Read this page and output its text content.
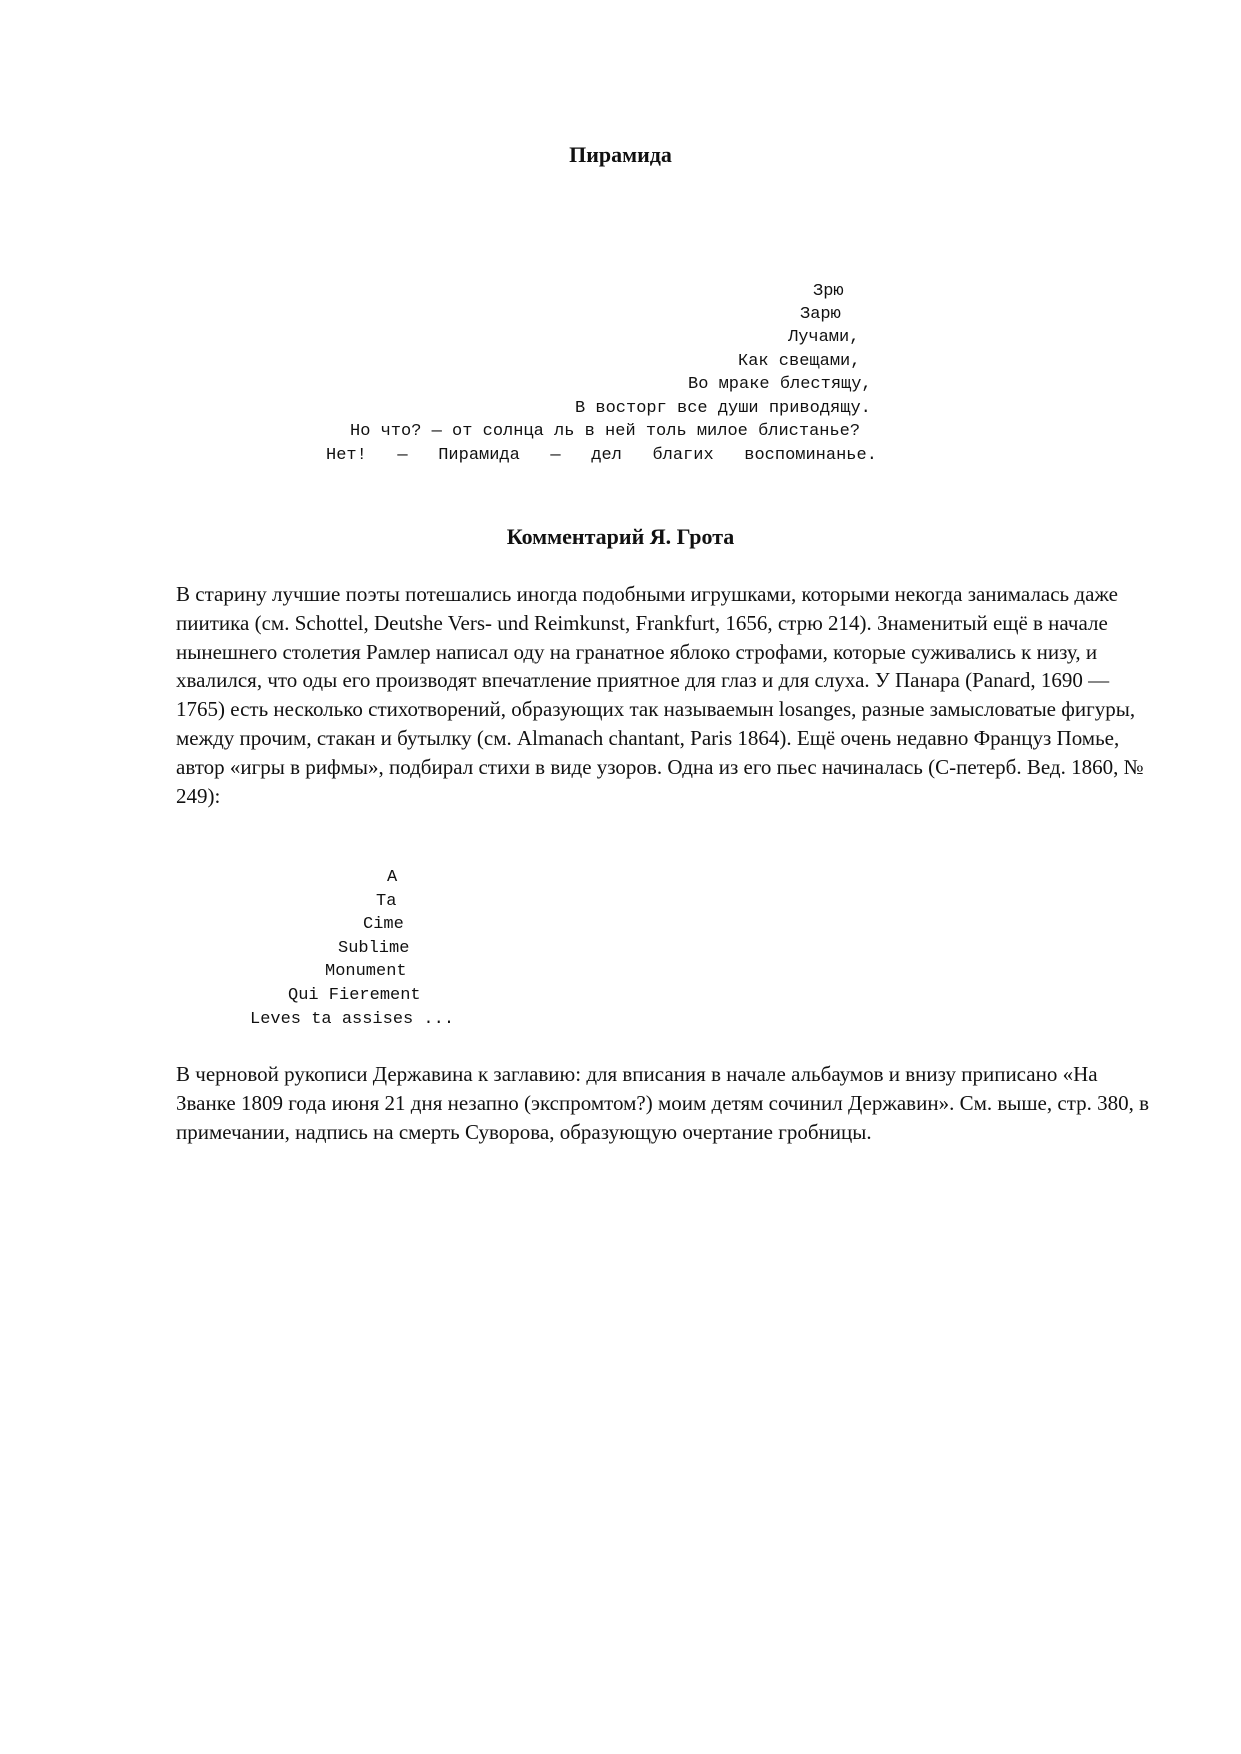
Пирамида
Зрю
Зарю
Лучами,
Как свещами,
Во мраке блестящу,
В восторг все души приводящу.
Но что? — от солнца ль в ней толь милое блистанье?
Нет!   —   Пирамида   —   дел   благих   воспоминанье.
Комментарий Я. Грота

В старину лучшие поэты потешались иногда подобными игрушками, которыми некогда занималась даже пиитика (см. Schottel, Deutshe Vers- und Reimkunst, Frankfurt, 1656, стрю 214). Знаменитый ещё в начале нынешнего столетия Рамлер написал оду на гранатное яблоко строфами, которые суживались к низу, и хвалился, что оды его производят впечатление приятное для глаз и для слуха. У Панара (Panard, 1690 — 1765) есть несколько стихотворений, образующих так называемын losanges, разные замысловатые фигуры, между прочим, стакан и бутылку (см. Almanach chantant, Paris 1864). Ещё очень недавно Француз Помье, автор «игры в рифмы», подбирал стихи в виде узоров. Одна из его пьес начиналась (С-петерб. Вед. 1860, № 249):

A
Ta
Cime
Sublime
Monument
Qui Fierement
Leves ta assises ...

В черновой рукописи Державина к заглавию: для вписания в начале альбаумов и внизу приписано «На Званке 1809 года июня 21 дня незапно (экспромтом?) моим детям сочинил Державин». См. выше, стр. 380, в примечании, надпись на смерть Суворова, образующую очертание гробницы.
